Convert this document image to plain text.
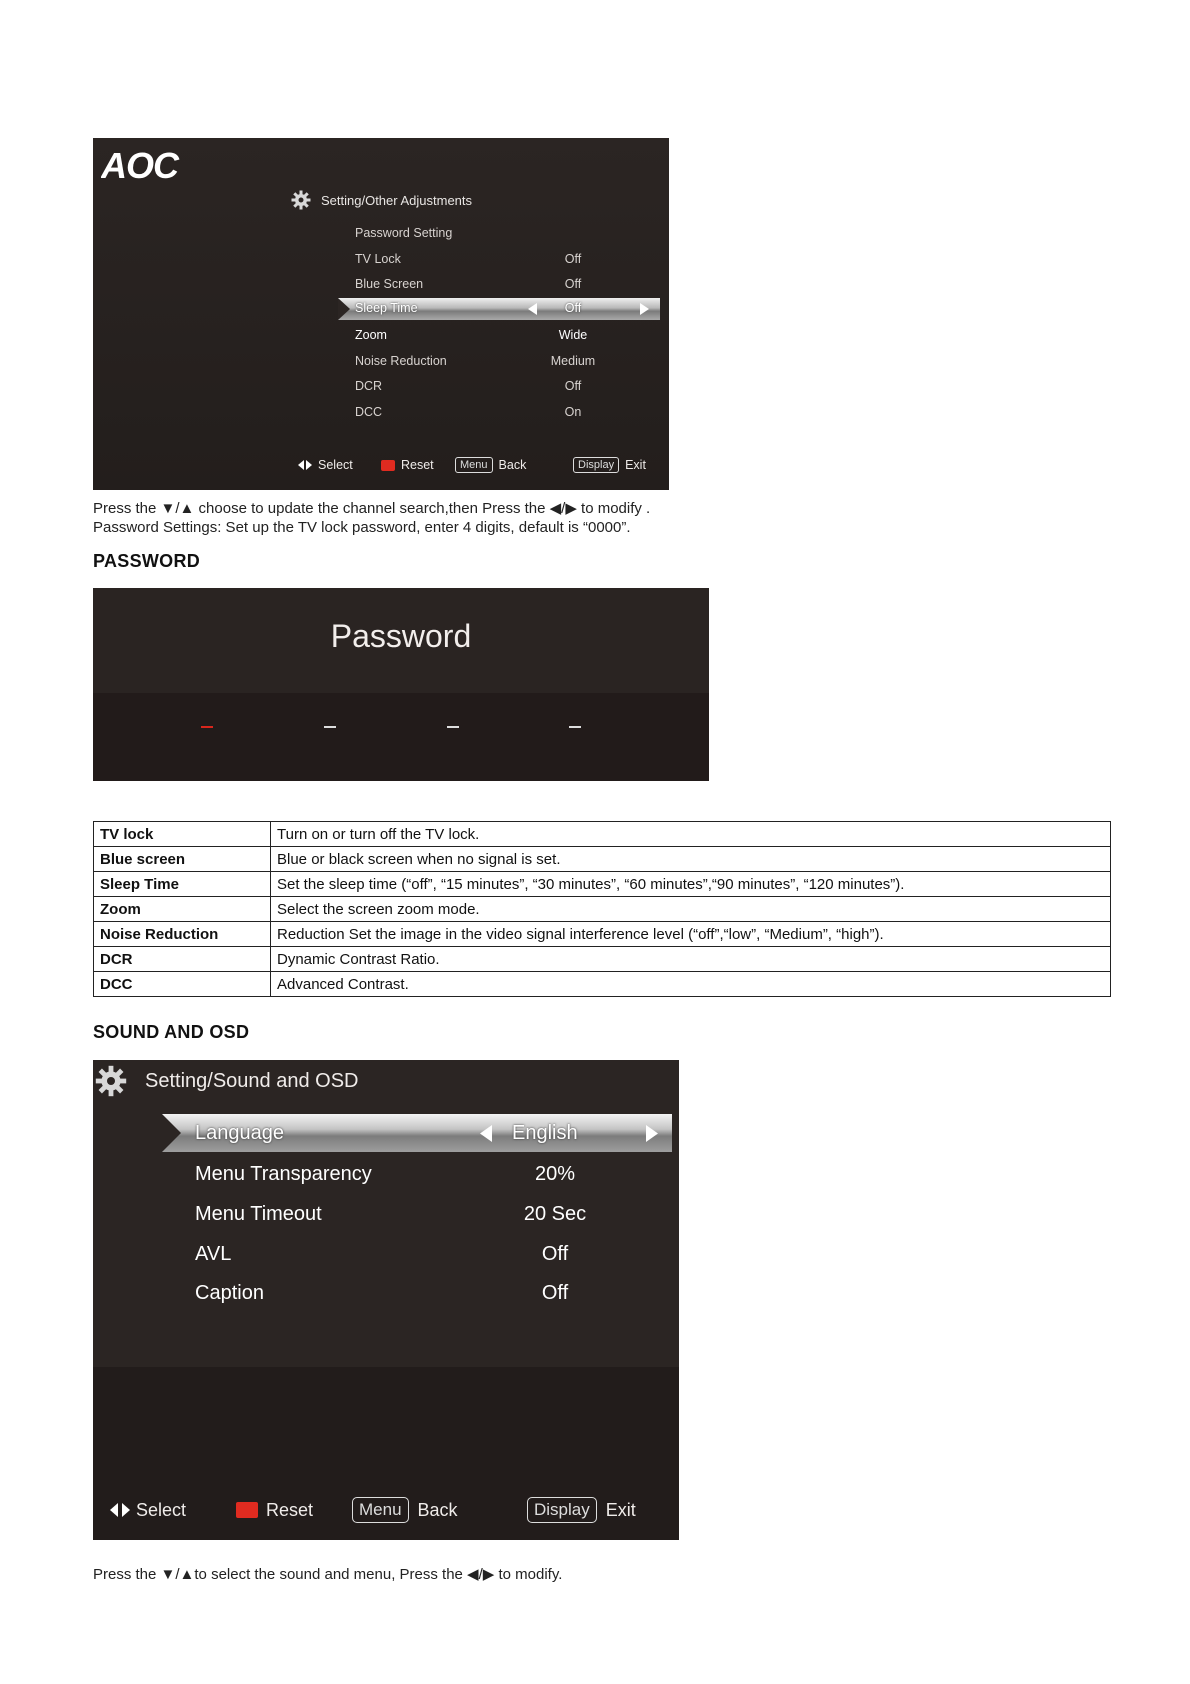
AOC
Setting/Other Adjustments
Password Setting
TV Lock	Off
Blue Screen	Off
Sleep Time	Off
Zoom	Wide
Noise Reduction	Medium
DCR	Off
DCC	On
Select	Reset	Menu Back	Display Exit
Press the ▼/▲ choose to update the channel search,then Press the ◀/▶ to modify .
Password Settings: Set up the TV lock password, enter 4 digits, default is “0000”.
PASSWORD
Password
TV lock	Turn on or turn off the TV lock.
Blue screen	Blue or black screen when no signal is set.
Sleep Time	Set the sleep time (“off”, “15 minutes”, “30 minutes”, “60 minutes”,“90 minutes”, “120 minutes”).
Zoom	Select the screen zoom mode.
Noise Reduction	Reduction Set the image in the video signal interference level (“off”,“low”, “Medium”, “high”).
DCR	Dynamic Contrast Ratio.
DCC	Advanced Contrast.
SOUND AND OSD
Setting/Sound and OSD
Language	English
Menu Transparency	20%
Menu Timeout	20 Sec
AVL	Off
Caption	Off
Select	Reset	Menu Back	Display Exit
Press the ▼/▲to select the sound and menu, Press the ◀/▶ to modify.
